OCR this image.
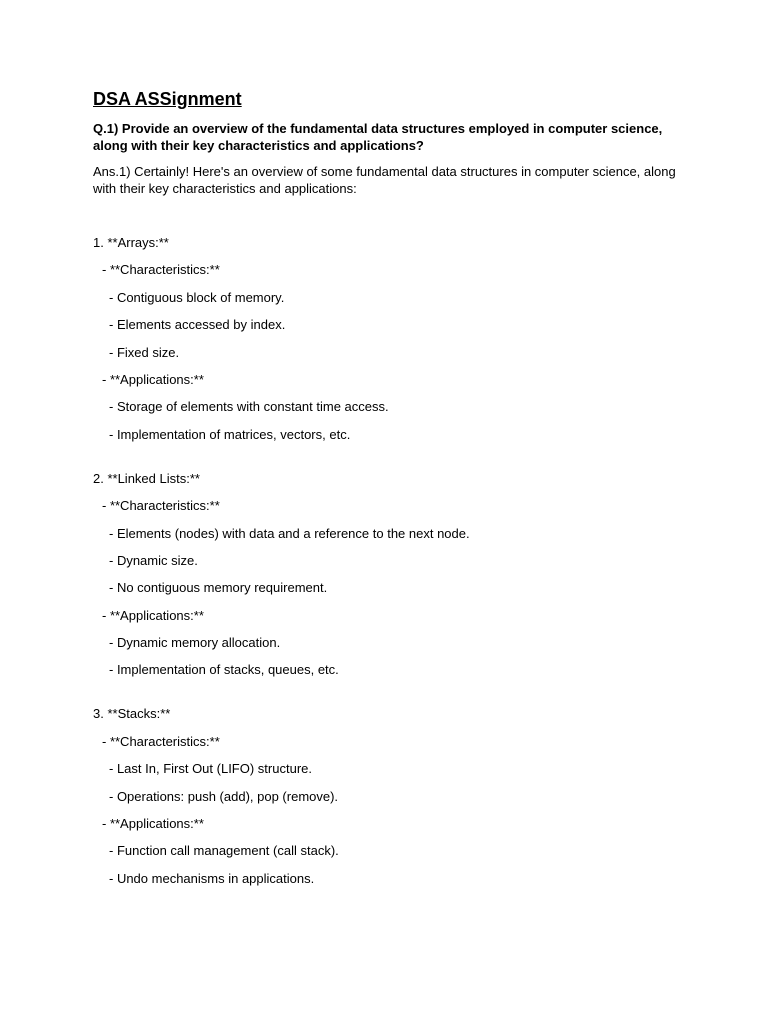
DSA ASSignment
Q.1) Provide an overview of the fundamental data structures employed in computer science, along with their key characteristics and applications?
Ans.1) Certainly! Here's an overview of some fundamental data structures in computer science, along with their key characteristics and applications:
1. **Arrays:**
- **Characteristics:**
- Contiguous block of memory.
- Elements accessed by index.
- Fixed size.
- **Applications:**
- Storage of elements with constant time access.
- Implementation of matrices, vectors, etc.
2. **Linked Lists:**
- **Characteristics:**
- Elements (nodes) with data and a reference to the next node.
- Dynamic size.
- No contiguous memory requirement.
- **Applications:**
- Dynamic memory allocation.
- Implementation of stacks, queues, etc.
3. **Stacks:**
- **Characteristics:**
- Last In, First Out (LIFO) structure.
- Operations: push (add), pop (remove).
- **Applications:**
- Function call management (call stack).
- Undo mechanisms in applications.
